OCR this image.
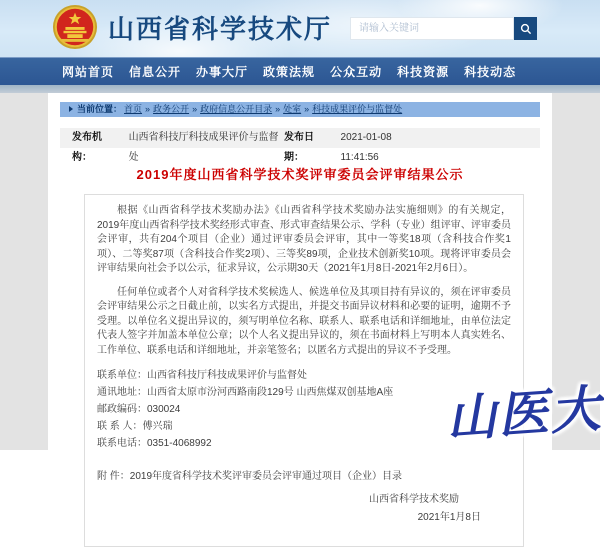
山西省科学技术厅
请输入关键词
网站首页 信息公开 办事大厅 政策法规 公众互动 科技资源 科技动态
当前位置： 首页 » 政务公开 » 政府信息公开目录 » 处室 » 科技成果评价与监督处
发布机构：
山西省科技厅科技成果评价与监督处
发布日期：
2021-01-08 11:41:56
2019年度山西省科学技术奖评审委员会评审结果公示
根据《山西省科学技术奖励办法》《山西省科学技术奖励办法实施细则》的有关规定，2019年度山西省科学技术奖经形式审查、形式审查结果公示、学科（专业）组评审、评审委员会评审，共有204个项目（企业）通过评审委员会评审，其中一等奖18项（含科技合作奖1项）、二等奖87项（含科技合作奖2项）、三等奖89项，企业技术创新奖10项。现将评审委员会评审结果向社会予以公示，征求异议，公示期30天（2021年1月8日-2021年2月6日）。
任何单位或者个人对省科学技术奖候选人、候选单位及其项目持有异议的，须在评审委员会评审结果公示之日截止前，以实名方式提出，并提交书面异议材料和必要的证明，逾期不予受理。以单位名义提出异议的，须写明单位名称、联系人、联系电话和详细地址，由单位法定代表人签字并加盖本单位公章；以个人名义提出异议的，须在书面材料上写明本人真实姓名、工作单位、联系电话和详细地址，并亲笔签名；以匿名方式提出的异议不予受理。
联系单位：山西省科技厅科技成果评价与监督处
通讯地址：山西省太原市汾河西路南段129号 山西焦煤双创基地A座
邮政编码：030024
联 系 人：傅兴瑞
联系电话：0351-4068992
附 件：2019年度省科学技术奖评审委员会评审通过项目（企业）目录
山西省科学技术奖励
2021年1月8日
山医大
